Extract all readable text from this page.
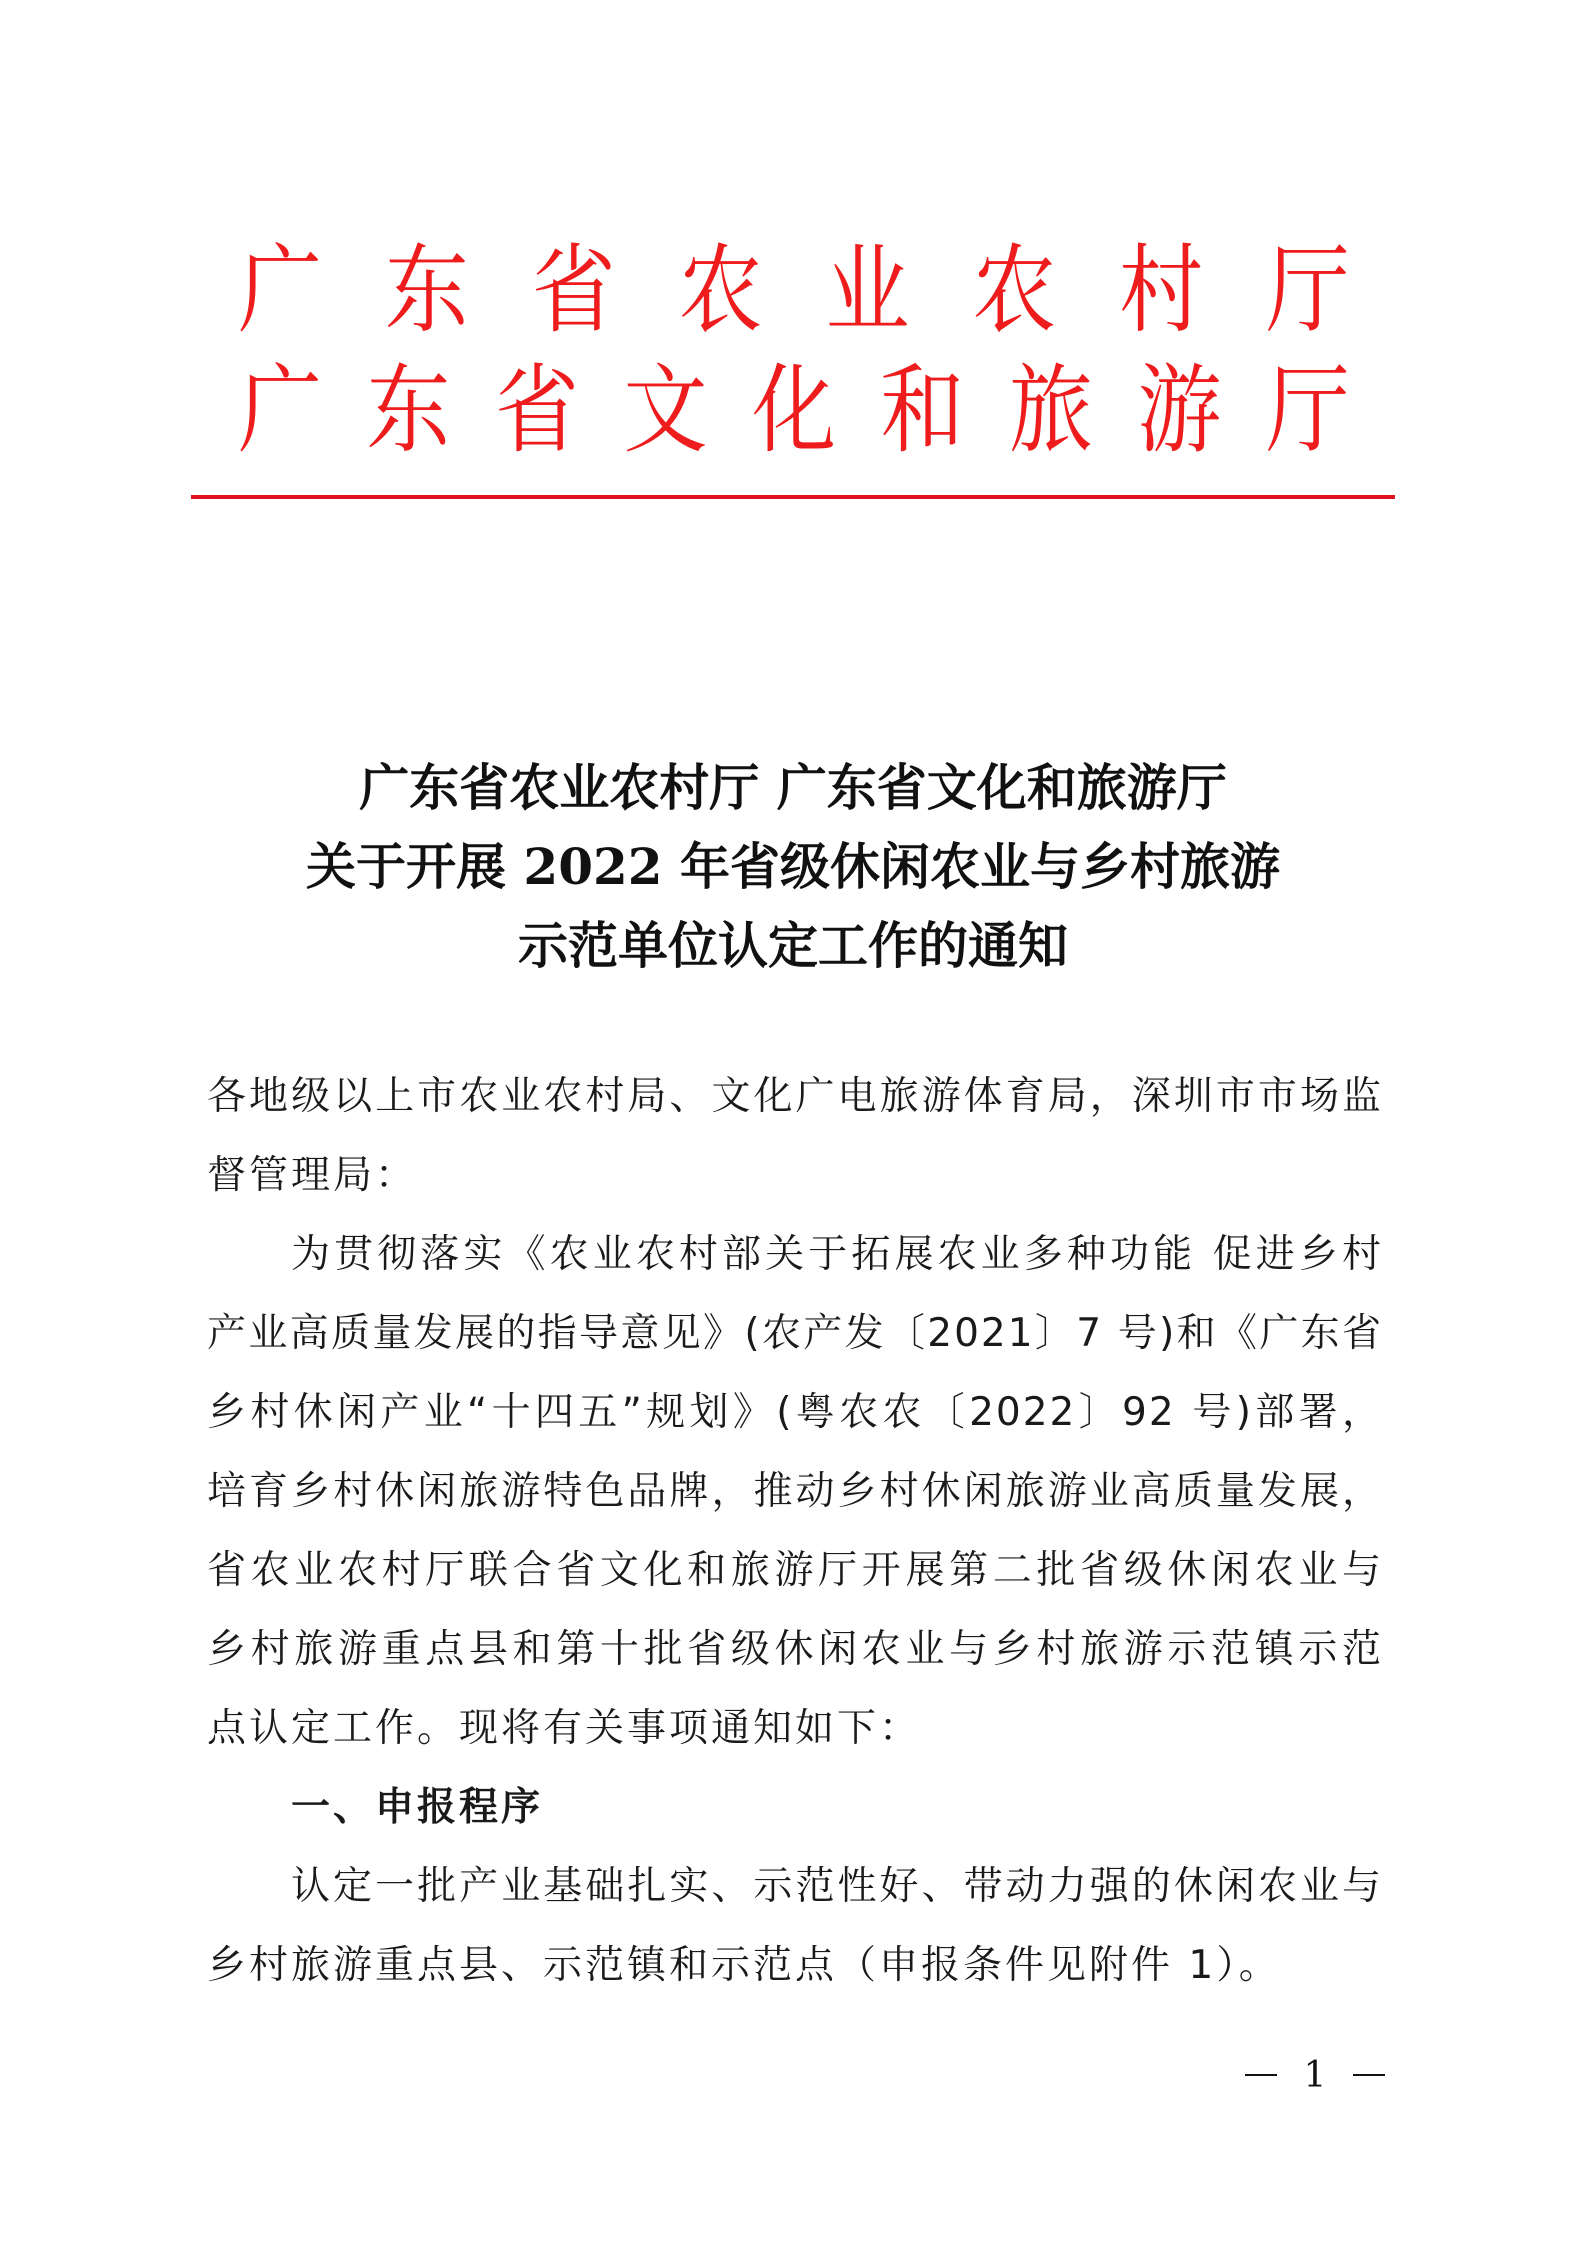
广 东 省 农 业 农 村 厅
广 东 省 文 化 和 旅 游 厅
广东省农业农村厅 广东省文化和旅游厅
关于开展 2022 年省级休闲农业与乡村旅游
示范单位认定工作的通知
各地级以上市农业农村局、文化广电旅游体育局，深圳市市场监
督管理局：
为贯彻落实《农业农村部关于拓展农业多种功能 促进乡村
产业高质量发展的指导意见》(农产发〔2021〕7 号)和《广东省
乡村休闲产业“十四五”规划》(粤农农〔2022〕92 号)部署，
培育乡村休闲旅游特色品牌，推动乡村休闲旅游业高质量发展，
省农业农村厅联合省文化和旅游厅开展第二批省级休闲农业与
乡村旅游重点县和第十批省级休闲农业与乡村旅游示范镇示范
点认定工作。现将有关事项通知如下：
一、申报程序
认定一批产业基础扎实、示范性好、带动力强的休闲农业与
乡村旅游重点县、示范镇和示范点（申报条件见附件 1）。
1
